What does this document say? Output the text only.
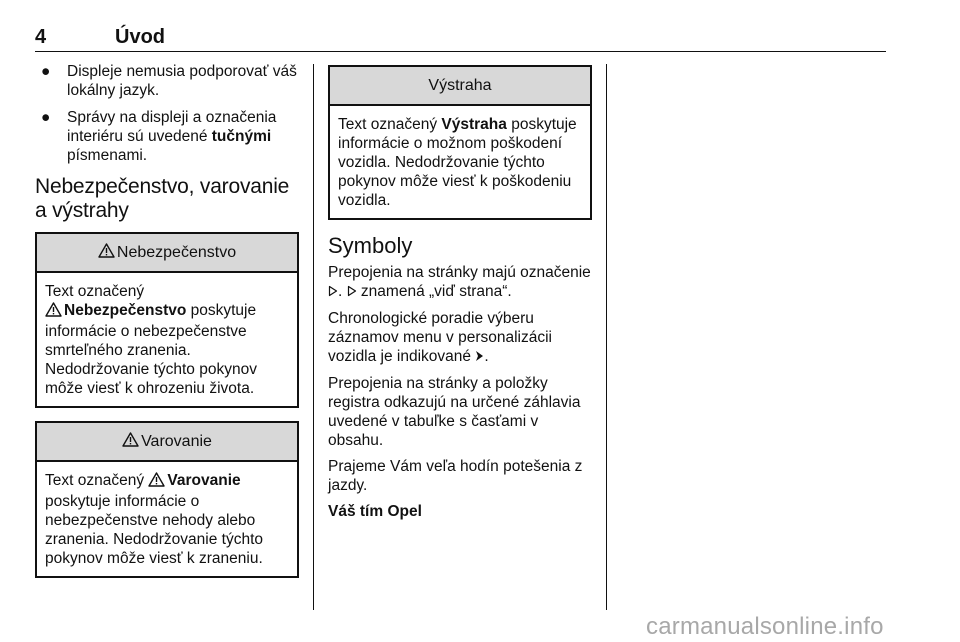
4	Úvod
● Displeje nemusia podporovať váš lokálny jazyk.
● Správy na displeji a označenia interiéru sú uvedené tučnými písmenami.
Nebezpečenstvo, varovanie a výstrahy
Nebezpečenstvo
Text označený
Nebezpečenstvo poskytuje informácie o nebezpečenstve smrteľného zranenia. Nedodržovanie týchto pokynov môže viesť k ohrozeniu života.
Varovanie
Text označený Varovanie poskytuje informácie o nebezpečenstve nehody alebo zranenia. Nedodržovanie týchto pokynov môže viesť k zraneniu.
Výstraha
Text označený Výstraha poskytuje informácie o možnom poškodení vozidla. Nedodržovanie týchto pokynov môže viesť k poškodeniu vozidla.
Symboly

Prepojenia na stránky majú označenie .  znamená „viď strana“.

Chronologické poradie výberu záznamov menu v personalizácii vozidla je indikované .

Prepojenia na stránky a položky registra odkazujú na určené záhlavia uvedené v tabuľke s časťami v obsahu.

Prajeme Vám veľa hodín potešenia z jazdy.

Váš tím Opel

carmanualsonline.info
